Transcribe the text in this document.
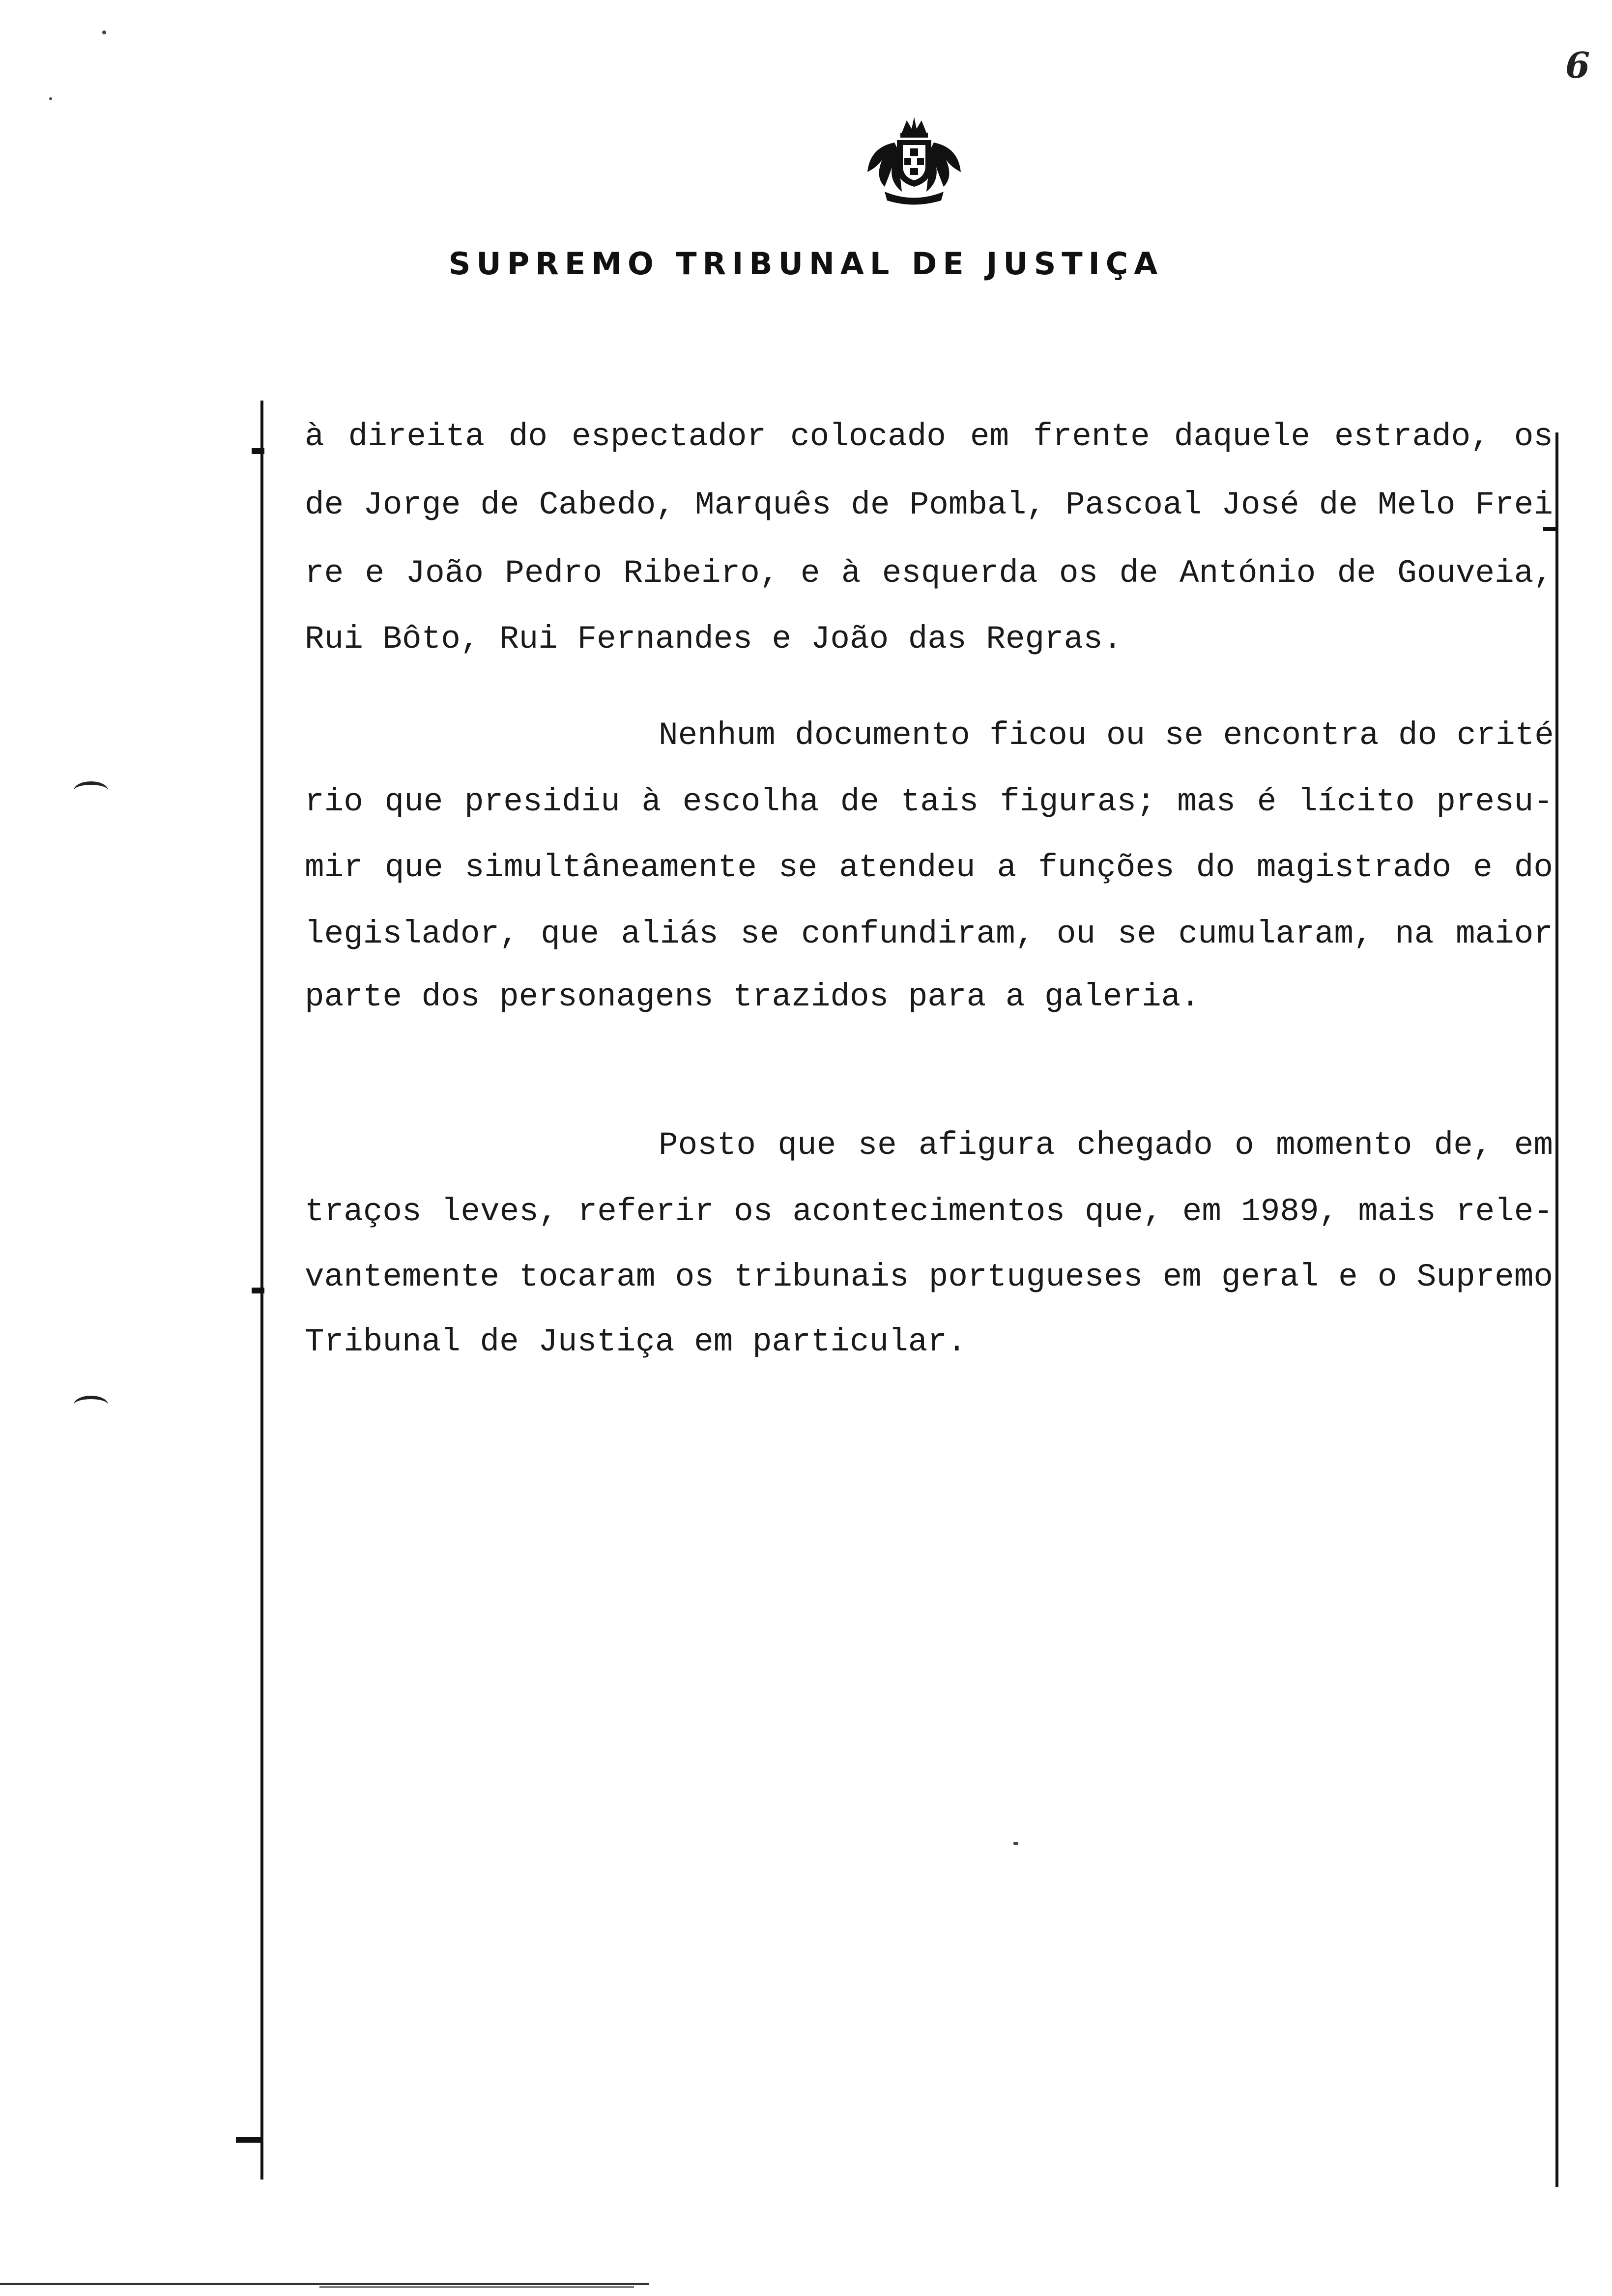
6
SUPREMO TRIBUNAL DE JUSTIÇA
à direita do espectador colocado em frente daquele estrado, os
de Jorge de Cabedo, Marquês de Pombal, Pascoal José de Melo Frei
re e João Pedro Ribeiro, e à esquerda os de António de Gouveia,
Rui Bôto, Rui Fernandes e João das Regras.
Nenhum documento ficou ou se encontra do crité
rio que presidiu à escolha de tais figuras; mas é lícito presu-
mir que simultâneamente se atendeu a funções do magistrado e do
legislador, que aliás se confundiram, ou se cumularam, na maior
parte dos personagens trazidos para a galeria.
Posto que se afigura chegado o momento de, em
traços leves, referir os acontecimentos que, em 1989, mais rele-
vantemente tocaram os tribunais portugueses em geral e o Supremo
Tribunal de Justiça em particular.
